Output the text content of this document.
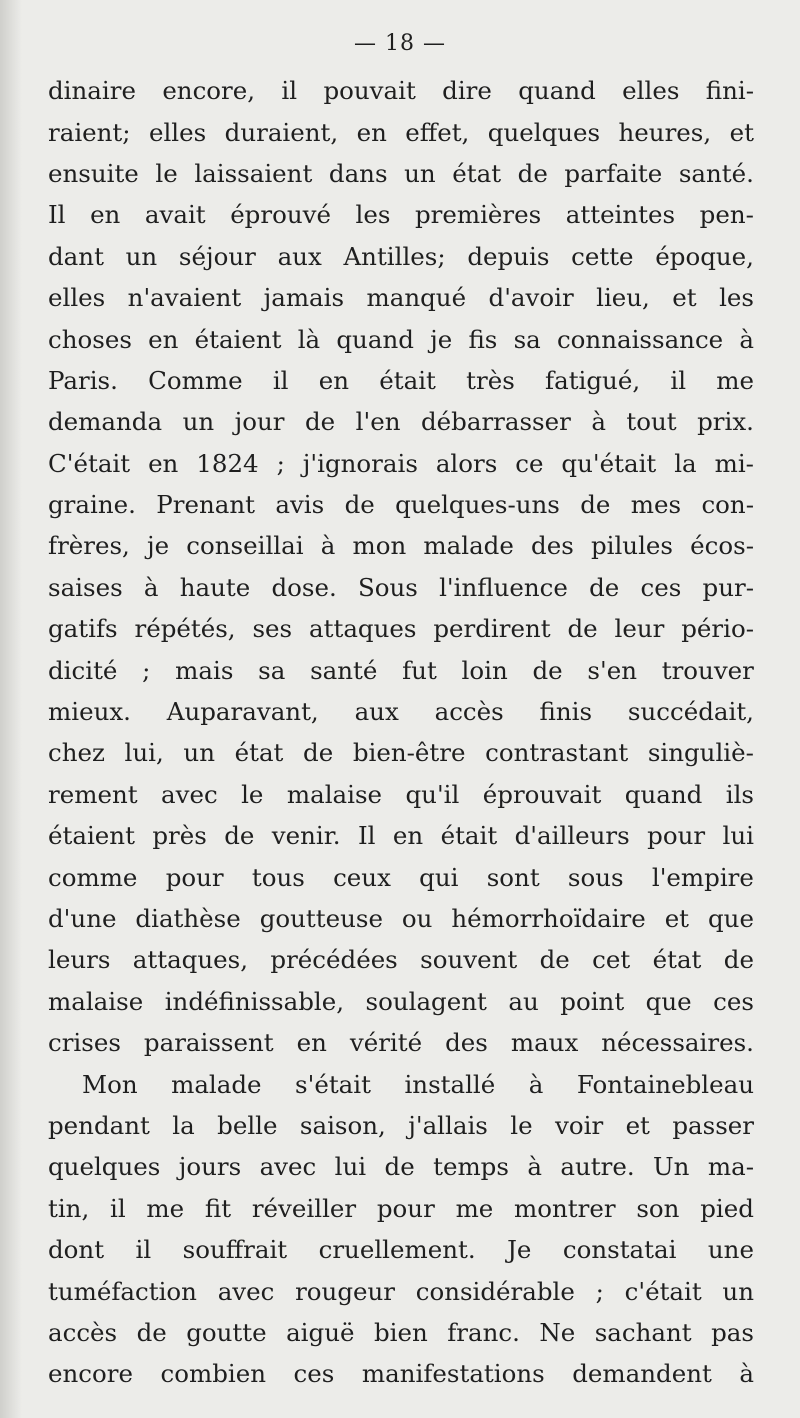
— 18 —
dinaire encore, il pouvait dire quand elles fini-
raient; elles duraient, en effet, quelques heures, et
ensuite le laissaient dans un état de parfaite santé.
Il en avait éprouvé les premières atteintes pen-
dant un séjour aux Antilles; depuis cette époque,
elles n'avaient jamais manqué d'avoir lieu, et les
choses en étaient là quand je fis sa connaissance à
Paris. Comme il en était très fatigué, il me
demanda un jour de l'en débarrasser à tout prix.
C'était en 1824 ; j'ignorais alors ce qu'était la mi-
graine. Prenant avis de quelques-uns de mes con-
frères, je conseillai à mon malade des pilules écos-
saises à haute dose. Sous l'influence de ces pur-
gatifs répétés, ses attaques perdirent de leur pério-
dicité ; mais sa santé fut loin de s'en trouver
mieux. Auparavant, aux accès finis succédait,
chez lui, un état de bien-être contrastant singuliè-
rement avec le malaise qu'il éprouvait quand ils
étaient près de venir. Il en était d'ailleurs pour lui
comme pour tous ceux qui sont sous l'empire
d'une diathèse goutteuse ou hémorrhoïdaire et que
leurs attaques, précédées souvent de cet état de
malaise indéfinissable, soulagent au point que ces
crises paraissent en vérité des maux nécessaires.
Mon malade s'était installé à Fontainebleau
pendant la belle saison, j'allais le voir et passer
quelques jours avec lui de temps à autre. Un ma-
tin, il me fit réveiller pour me montrer son pied
dont il souffrait cruellement. Je constatai une
tuméfaction avec rougeur considérable ; c'était un
accès de goutte aiguë bien franc. Ne sachant pas
encore combien ces manifestations demandent à
